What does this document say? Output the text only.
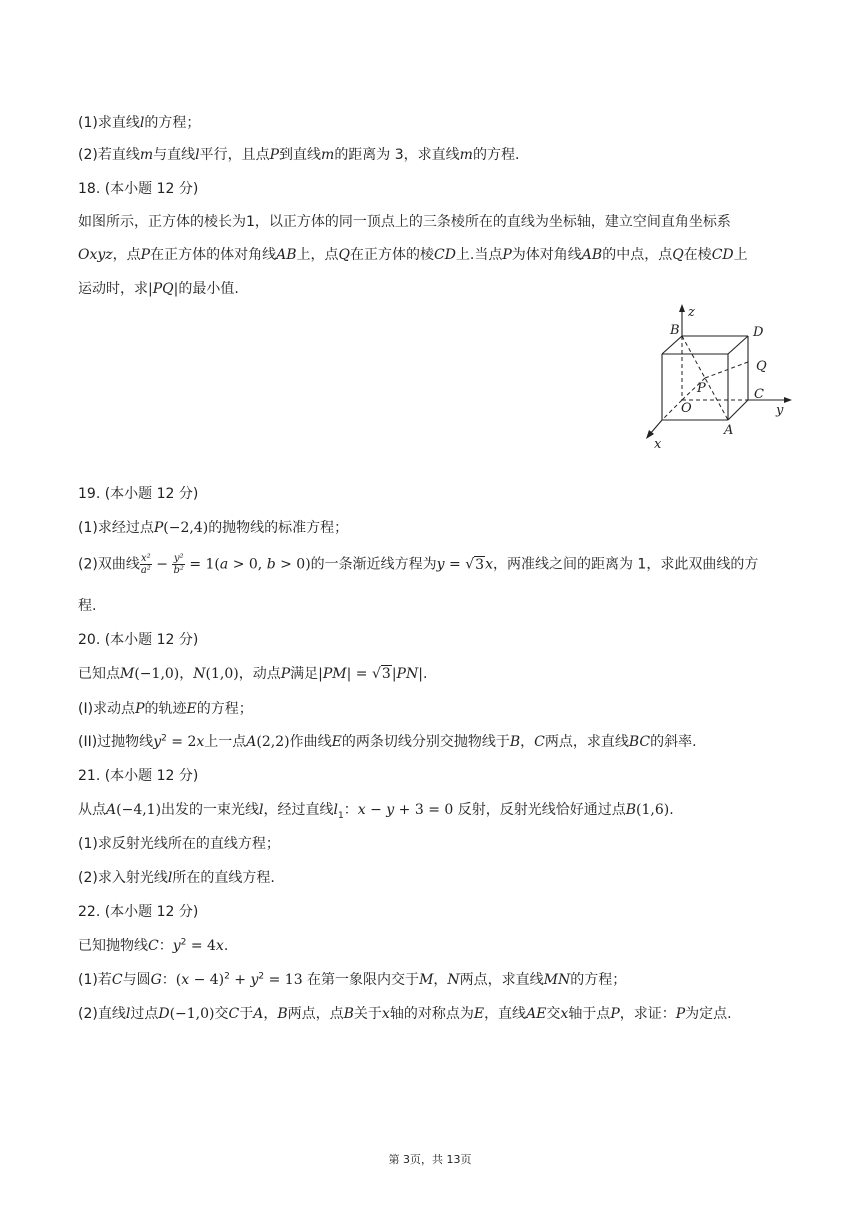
(1)求直线l的方程；
(2)若直线m与直线l平行，且点P到直线m的距离为 3，求直线m的方程.
18. (本小题 12 分)
如图所示，正方体的棱长为1，以正方体的同一顶点上的三条棱所在的直线为坐标轴，建立空间直角坐标系
Oxyz，点P在正方体的体对角线AB上，点Q在正方体的棱CD上.当点P为体对角线AB的中点，点Q在棱CD上
运动时，求|PQ|的最小值.
z
B	D
Q
P	C
y
O
A
x
19. (本小题 12 分)
(1)求经过点P(−2,4)的抛物线的标准方程；
(2)双曲线 $\frac{\text{x²}}{\text{a²}} - \frac{\text{y²}}{\text{b²}} = 1(a > 0$, b > 0)的一条渐近线方程为y = √3x，两准线之间的距离为 1，求此双曲线的方
程.
20. (本小题 12 分)
已知点M(−1,0)，N(1,0)，动点P满足|PM| = √3|PN|.
(I)求动点P的轨迹E的方程；
(II)过抛物线$y^2 = 2x$上一点A(2,2)作曲线E的两条切线分别交抛物线于B，C两点，求直线BC的斜率.
21. (本小题 12 分)
从点A(−4,1)出发的一束光线l，经过直线$l_1$：x − y + 3 = 0 反射，反射光线恰好通过点B(1,6).
(1)求反射光线所在的直线方程；
(2)求入射光线l所在的直线方程.
22. (本小题 12 分)
已知抛物线C：$y^2 = 4x$.
(1)若C与圆G：$(x - 4)^2 + y^2 = 13$ 在第一象限内交于M，N两点，求直线MN的方程；
(2)直线l过点D(−1,0)交C于A，B两点，点B关于x轴的对称点为E，直线AE交x轴于点P，求证：P为定点.
第 3页，共 13页
